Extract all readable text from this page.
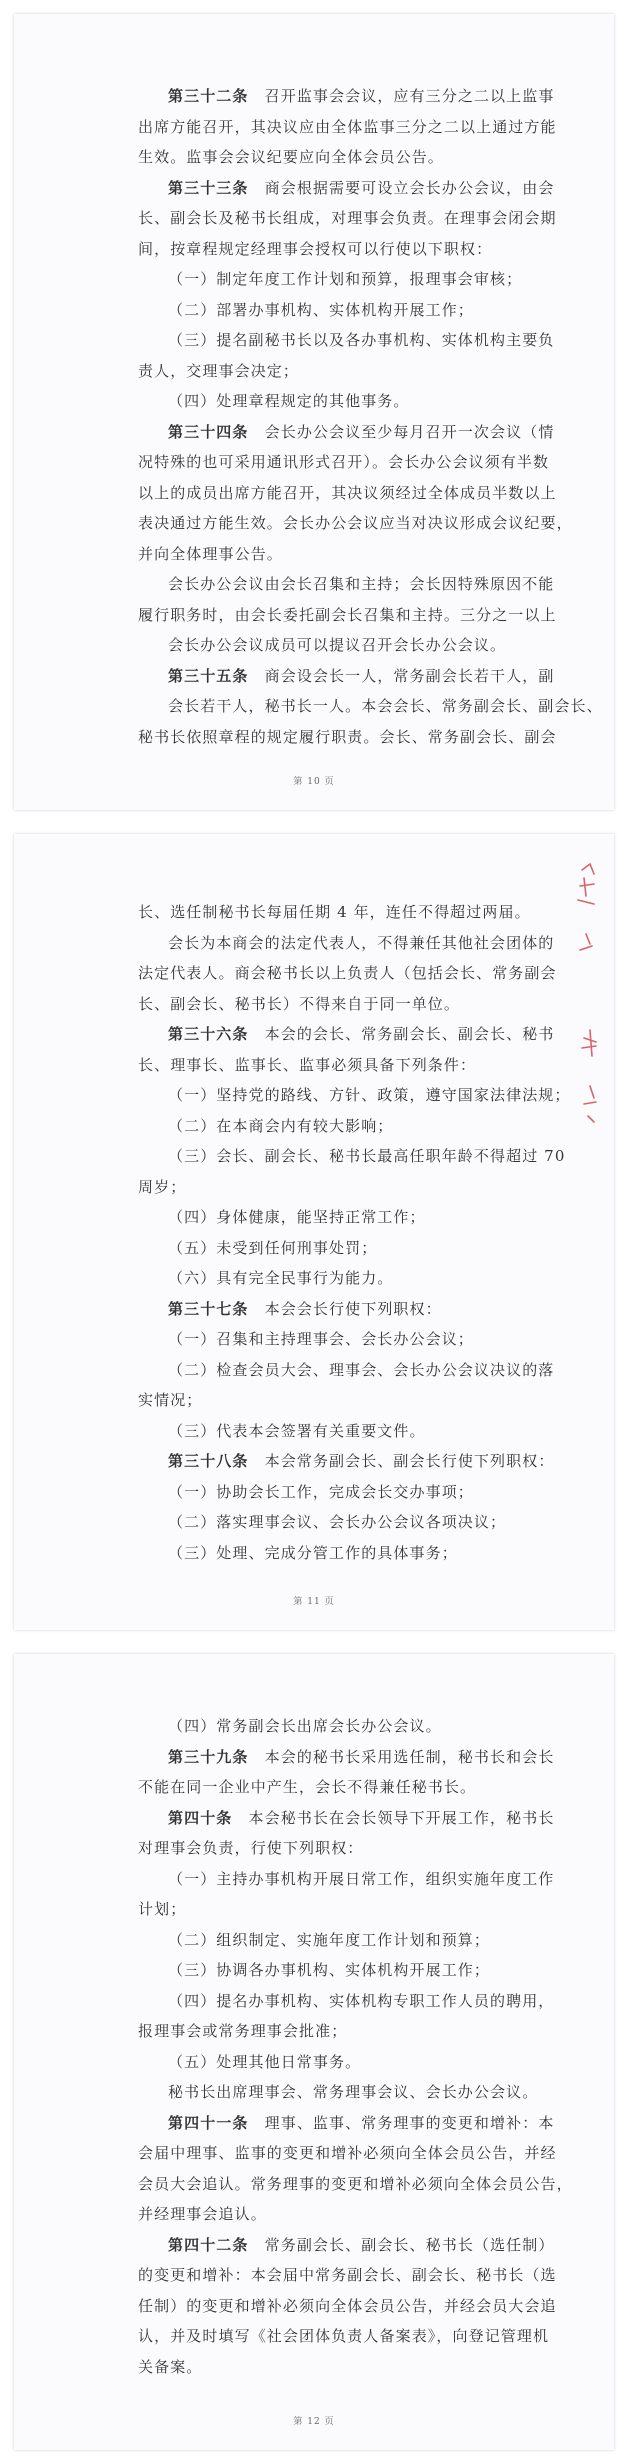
第三十二条  召开监事会会议，应有三分之二以上监事
出席方能召开，其决议应由全体监事三分之二以上通过方能
生效。监事会会议纪要应向全体会员公告。
第三十三条  商会根据需要可设立会长办公会议，由会
长、副会长及秘书长组成，对理事会负责。在理事会闭会期
间，按章程规定经理事会授权可以行使以下职权：
（一）制定年度工作计划和预算，报理事会审核；
（二）部署办事机构、实体机构开展工作；
（三）提名副秘书长以及各办事机构、实体机构主要负
责人，交理事会决定；
（四）处理章程规定的其他事务。
第三十四条  会长办公会议至少每月召开一次会议（情
况特殊的也可采用通讯形式召开）。会长办公会议须有半数
以上的成员出席方能召开，其决议须经过全体成员半数以上
表决通过方能生效。会长办公会议应当对决议形成会议纪要，
并向全体理事公告。
会长办公会议由会长召集和主持；会长因特殊原因不能
履行职务时，由会长委托副会长召集和主持。三分之一以上
会长办公会议成员可以提议召开会长办公会议。
第三十五条  商会设会长一人，常务副会长若干人，副
会长若干人，秘书长一人。本会会长、常务副会长、副会长、
秘书长依照章程的规定履行职责。会长、常务副会长、副会
第 10 页
长、选任制秘书长每届任期 4 年，连任不得超过两届。
会长为本商会的法定代表人，不得兼任其他社会团体的
法定代表人。商会秘书长以上负责人（包括会长、常务副会
长、副会长、秘书长）不得来自于同一单位。
第三十六条  本会的会长、常务副会长、副会长、秘书
长、理事长、监事长、监事必须具备下列条件：
（一）坚持党的路线、方针、政策，遵守国家法律法规；
（二）在本商会内有较大影响；
（三）会长、副会长、秘书长最高任职年龄不得超过 70
周岁；
（四）身体健康，能坚持正常工作；
（五）未受到任何刑事处罚；
（六）具有完全民事行为能力。
第三十七条  本会会长行使下列职权：
（一）召集和主持理事会、会长办公会议；
（二）检查会员大会、理事会、会长办公会议决议的落
实情况；
（三）代表本会签署有关重要文件。
第三十八条  本会常务副会长、副会长行使下列职权：
（一）协助会长工作，完成会长交办事项；
（二）落实理事会议、会长办公会议各项决议；
（三）处理、完成分管工作的具体事务；
第 11 页
（四）常务副会长出席会长办公会议。
第三十九条  本会的秘书长采用选任制，秘书长和会长
不能在同一企业中产生，会长不得兼任秘书长。
第四十条  本会秘书长在会长领导下开展工作，秘书长
对理事会负责，行使下列职权：
（一）主持办事机构开展日常工作，组织实施年度工作
计划；
（二）组织制定、实施年度工作计划和预算；
（三）协调各办事机构、实体机构开展工作；
（四）提名办事机构、实体机构专职工作人员的聘用，
报理事会或常务理事会批准；
（五）处理其他日常事务。
秘书长出席理事会、常务理事会议、会长办公会议。
第四十一条  理事、监事、常务理事的变更和增补：本
会届中理事、监事的变更和增补必须向全体会员公告，并经
会员大会追认。常务理事的变更和增补必须向全体会员公告，
并经理事会追认。
第四十二条  常务副会长、副会长、秘书长（选任制）
的变更和增补：本会届中常务副会长、副会长、秘书长（选
任制）的变更和增补必须向全体会员公告，并经会员大会追
认，并及时填写《社会团体负责人备案表》，向登记管理机
关备案。
第 12 页
